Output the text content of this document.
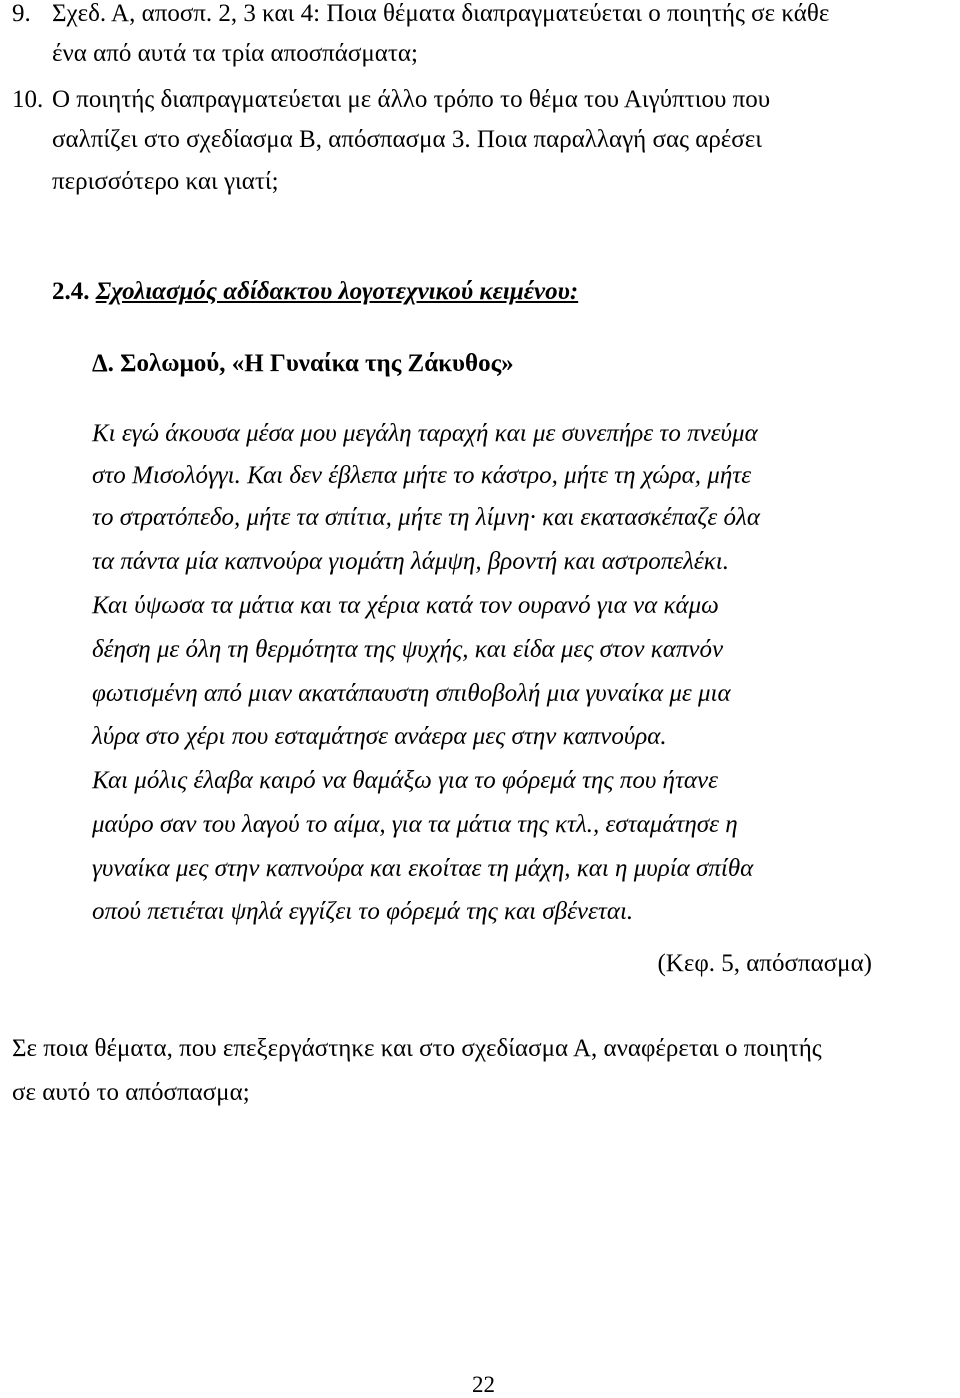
9. Σχεδ. Α, αποσπ. 2, 3 και 4: Ποια θέματα διαπραγματεύεται ο ποιητής σε κάθε
ένα από αυτά τα τρία αποσπάσματα;
10. Ο ποιητής διαπραγματεύεται με άλλο τρόπο το θέμα του Αιγύπτιου που
σαλπίζει στο σχεδίασμα Β, απόσπασμα 3. Ποια παραλλαγή σας αρέσει
περισσότερο και γιατί;
2.4. Σχολιασμός αδίδακτου λογοτεχνικού κειμένου:
Δ. Σολωμού, «Η Γυναίκα της Ζάκυθος»
Κι εγώ άκουσα μέσα μου μεγάλη ταραχή και με συνεπήρε το πνεύμα
στο Μισολόγγι. Και δεν έβλεπα μήτε το κάστρο, μήτε τη χώρα, μήτε
το στρατόπεδο, μήτε τα σπίτια, μήτε τη λίμνη· και εκατασκέπαζε όλα
τα πάντα μία καπνούρα γιομάτη λάμψη, βροντή και αστροπελέκι.
Και ύψωσα τα μάτια και τα χέρια κατά τον ουρανό για να κάμω
δέηση με όλη τη θερμότητα της ψυχής, και είδα μες στον καπνόν
φωτισμένη από μιαν ακατάπαυστη σπιθοβολή μια γυναίκα με μια
λύρα στο χέρι που εσταμάτησε ανάερα μες στην καπνούρα.
Και μόλις έλαβα καιρό να θαμάξω για το φόρεμά της που ήτανε
μαύρο σαν του λαγού το αίμα, για τα μάτια της κτλ., εσταμάτησε η
γυναίκα μες στην καπνούρα και εκοίταε τη μάχη, και η μυρία σπίθα
οπού πετιέται ψηλά εγγίζει το φόρεμά της και σβένεται.
(Κεφ. 5, απόσπασμα)
Σε ποια θέματα, που επεξεργάστηκε και στο σχεδίασμα Α, αναφέρεται ο ποιητής
σε αυτό το απόσπασμα;
22
